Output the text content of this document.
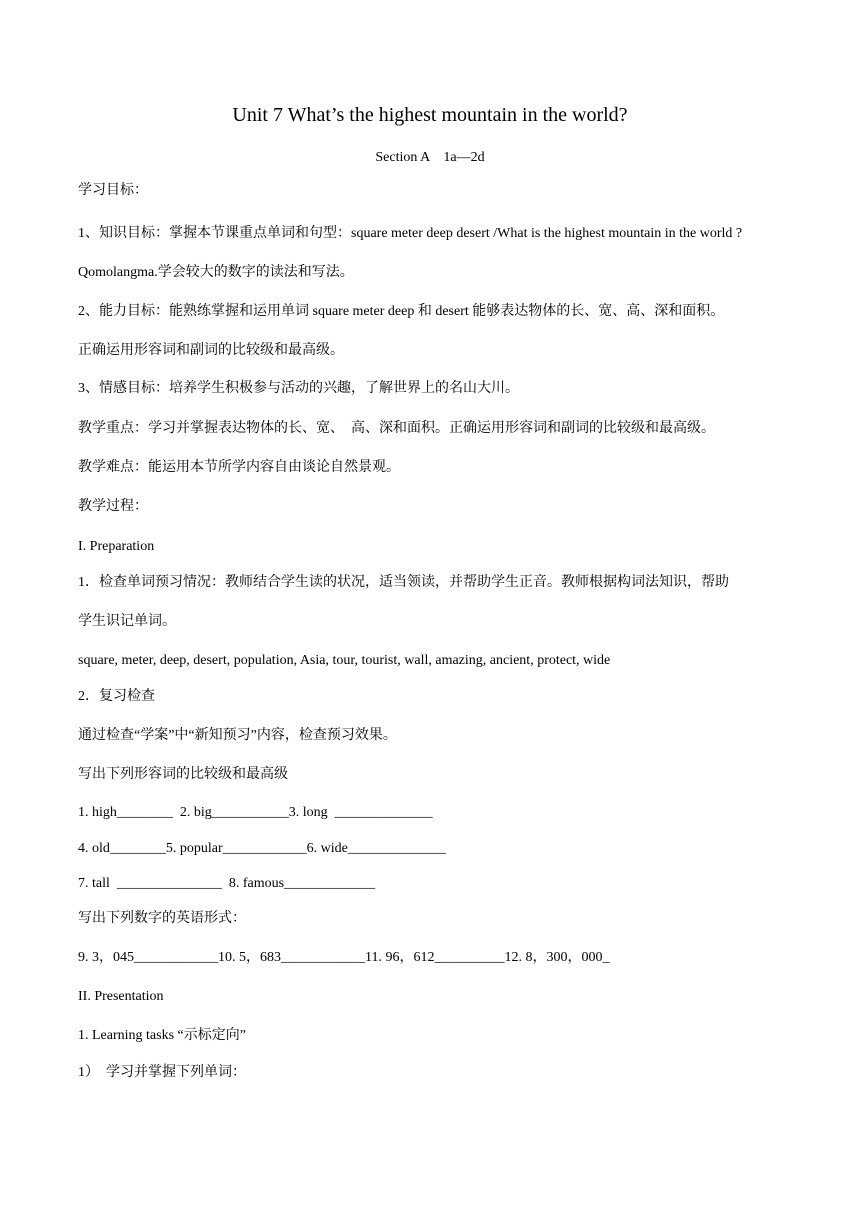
Unit 7 What’s the highest mountain in the world?
Section A    1a—2d
学习目标：
1、知识目标：掌握本节课重点单词和句型：square meter deep desert /What is the highest mountain in the world ?
Qomolangma.学会较大的数字的读法和写法。
2、能力目标：能熟练掌握和运用单词 square meter deep 和 desert 能够表达物体的长、宽、高、深和面积。
正确运用形容词和副词的比较级和最高级。
3、情感目标：培养学生积极参与活动的兴趣，了解世界上的名山大川。
教学重点：学习并掌握表达物体的长、宽、  高、深和面积。正确运用形容词和副词的比较级和最高级。
教学难点：能运用本节所学内容自由谈论自然景观。
教学过程：
I. Preparation
1．检查单词预习情况：教师结合学生读的状况，适当领读，并帮助学生正音。教师根据构词法知识，帮助
学生识记单词。
square, meter, deep, desert, population, Asia, tour, tourist, wall, amazing, ancient, protect, wide
2．复习检查
通过检查“学案”中“新知预习”内容，检查预习效果。
写出下列形容词的比较级和最高级
1. high________  2. big___________3. long  ______________
4. old________5. popular____________6. wide______________
7. tall  _______________  8. famous_____________
写出下列数字的英语形式：
9. 3，045____________10. 5，683____________11. 96，612__________12. 8，300，000_
II. Presentation
1. Learning tasks “示标定向”
1）  学习并掌握下列单词：
